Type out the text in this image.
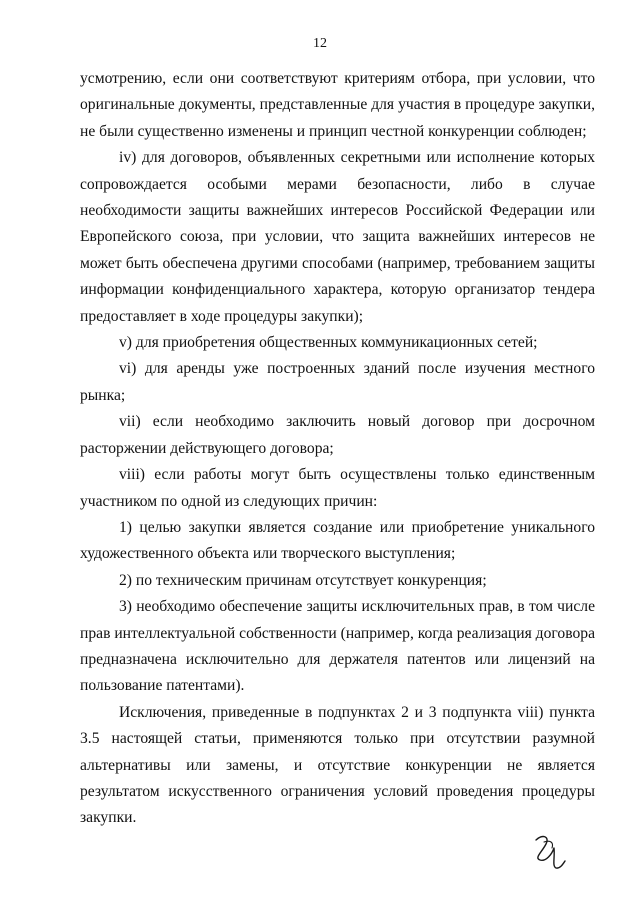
12

усмотрению, если они соответствуют критериям отбора, при условии, что оригинальные документы, представленные для участия в процедуре закупки, не были существенно изменены и принцип честной конкуренции соблюден;

iv) для договоров, объявленных секретными или исполнение которых сопровождается особыми мерами безопасности, либо в случае необходимости защиты важнейших интересов Российской Федерации или Европейского союза, при условии, что защита важнейших интересов не может быть обеспечена другими способами (например, требованием защиты информации конфиденциального характера, которую организатор тендера предоставляет в ходе процедуры закупки);

v) для приобретения общественных коммуникационных сетей;

vi) для аренды уже построенных зданий после изучения местного рынка;

vii) если необходимо заключить новый договор при досрочном расторжении действующего договора;

viii) если работы могут быть осуществлены только единственным участником по одной из следующих причин:

1) целью закупки является создание или приобретение уникального художественного объекта или творческого выступления;

2) по техническим причинам отсутствует конкуренция;

3) необходимо обеспечение защиты исключительных прав, в том числе прав интеллектуальной собственности (например, когда реализация договора предназначена исключительно для держателя патентов или лицензий на пользование патентами).

Исключения, приведенные в подпунктах 2 и 3 подпункта viii) пункта 3.5 настоящей статьи, применяются только при отсутствии разумной альтернативы или замены, и отсутствие конкуренции не является результатом искусственного ограничения условий проведения процедуры закупки.
